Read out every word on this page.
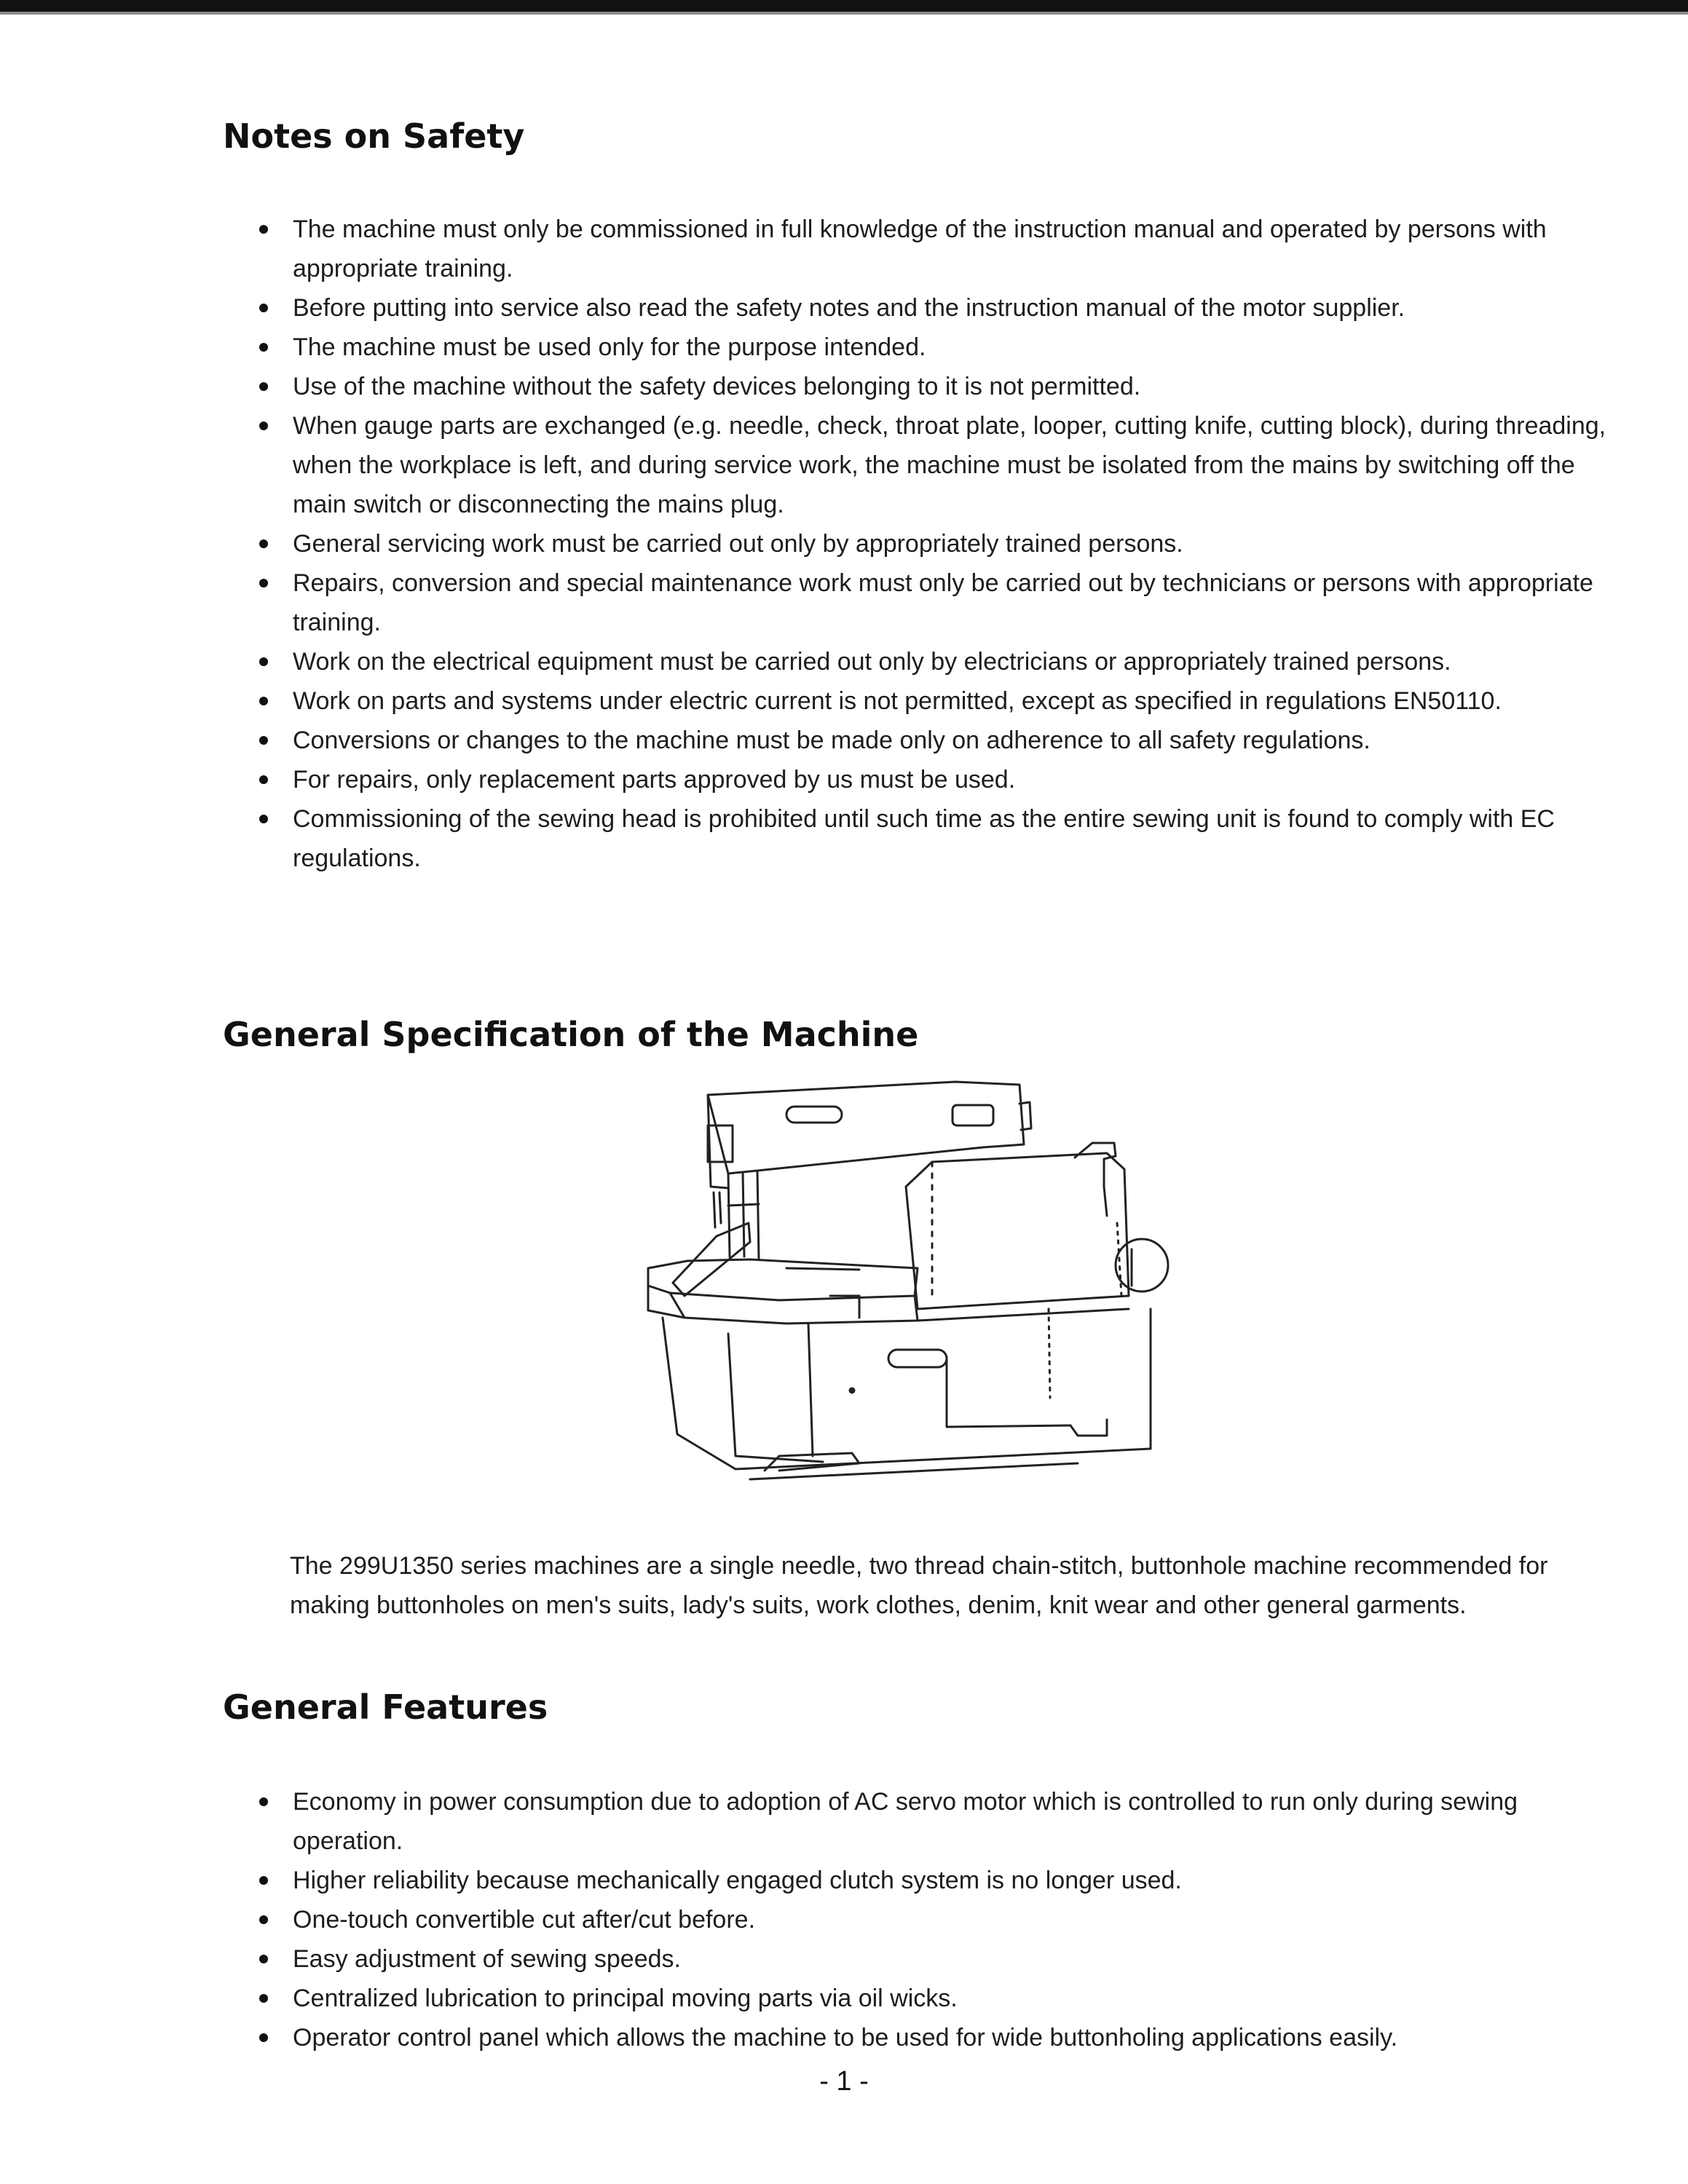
Notes on Safety
The machine must only be commissioned in full knowledge of the instruction manual and operated by persons with appropriate training.
Before putting into service also read the safety notes and the instruction manual of the motor supplier.
The machine must be used only for the purpose intended.
Use of the machine without the safety devices belonging to it is not permitted.
When gauge parts are exchanged (e.g. needle, check, throat plate, looper, cutting knife, cutting block), during threading, when the workplace is left, and during service work, the machine must be isolated from the mains by switching off the main switch or disconnecting the mains plug.
General servicing work must be carried out only by appropriately trained persons.
Repairs, conversion and special maintenance work must only be carried out by technicians or persons with appropriate training.
Work on the electrical equipment must be carried out only by electricians or appropriately trained persons.
Work on parts and systems under electric current is not permitted, except as specified in regulations EN50110.
Conversions or changes to the machine must be made only on adherence to all safety regulations.
For repairs, only replacement parts approved by us must be used.
Commissioning of the sewing head is prohibited until such time as the entire sewing unit is found to comply with EC regulations.
General Specification of the Machine

The 299U1350 series machines are a single needle, two thread chain-stitch, buttonhole machine recommended for making buttonholes on men's suits, lady's suits, work clothes, denim, knit wear and other general garments.

General Features
Economy in power consumption due to adoption of AC servo motor which is controlled to run only during sewing operation.
Higher reliability because mechanically engaged clutch system is no longer used.
One-touch convertible cut after/cut before.
Easy adjustment of sewing speeds.
Centralized lubrication to principal moving parts via oil wicks.
Operator control panel which allows the machine to be used for wide buttonholing applications easily.
- 1 -
